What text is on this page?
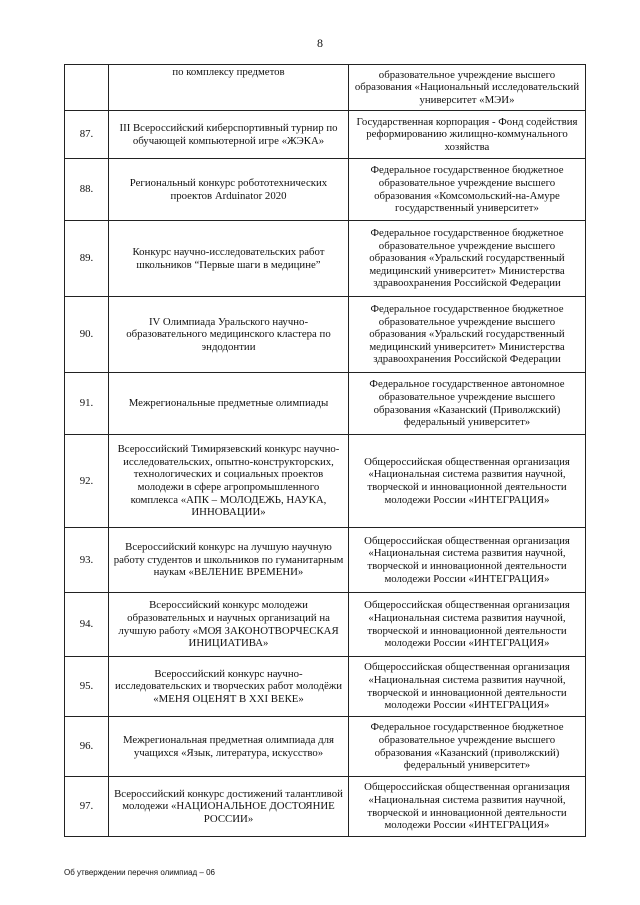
8
	по комплексу предметов	образовательное учреждение высшего образования «Национальный исследовательский университет «МЭИ»
87.	III Всероссийский киберспортивный турнир по обучающей компьютерной игре «ЖЭКА»	Государственная корпорация - Фонд содействия реформированию жилищно-коммунального хозяйства
88.	Региональный конкурс робототехнических проектов Arduinator 2020	Федеральное государственное бюджетное образовательное учреждение высшего образования «Комсомольский-на-Амуре государственный университет»
89.	Конкурс научно-исследовательских работ школьников “Первые шаги в медицине”	Федеральное государственное бюджетное образовательное учреждение высшего образования «Уральский государственный медицинский университет» Министерства здравоохранения Российской Федерации
90.	IV Олимпиада Уральского научно-образовательного медицинского кластера по эндодонтии	Федеральное государственное бюджетное образовательное учреждение высшего образования «Уральский государственный медицинский университет» Министерства здравоохранения Российской Федерации
91.	Межрегиональные предметные олимпиады	Федеральное государственное автономное образовательное учреждение высшего образования «Казанский (Приволжский) федеральный университет»
92.	Всероссийский Тимирязевский конкурс научно-исследовательских, опытно-конструкторских, технологических и социальных проектов молодежи в сфере агропромышленного комплекса «АПК – МОЛОДЕЖЬ, НАУКА, ИННОВАЦИИ»	Общероссийская общественная организация «Национальная система развития научной, творческой и инновационной деятельности молодежи России «ИНТЕГРАЦИЯ»
93.	Всероссийский конкурс на лучшую научную работу студентов и школьников по гуманитарным наукам «ВЕЛЕНИЕ ВРЕМЕНИ»	Общероссийская общественная организация «Национальная система развития научной, творческой и инновационной деятельности молодежи России «ИНТЕГРАЦИЯ»
94.	Всероссийский конкурс молодежи образовательных и научных организаций на лучшую работу «МОЯ ЗАКОНОТВОРЧЕСКАЯ ИНИЦИАТИВА»	Общероссийская общественная организация «Национальная система развития научной, творческой и инновационной деятельности молодежи России «ИНТЕГРАЦИЯ»
95.	Всероссийский конкурс научно-исследовательских и творческих работ молодёжи «МЕНЯ ОЦЕНЯТ В XXI ВЕКЕ»	Общероссийская общественная организация «Национальная система развития научной, творческой и инновационной деятельности молодежи России «ИНТЕГРАЦИЯ»
96.	Межрегиональная предметная олимпиада для учащихся «Язык, литература, искусство»	Федеральное государственное бюджетное образовательное учреждение высшего образования «Казанский (приволжский) федеральный университет»
97.	Всероссийский конкурс достижений талантливой молодежи «НАЦИОНАЛЬНОЕ ДОСТОЯНИЕ РОССИИ»	Общероссийская общественная организация «Национальная система развития научной, творческой и инновационной деятельности молодежи России «ИНТЕГРАЦИЯ»
Об утверждении перечня олимпиад – 06
